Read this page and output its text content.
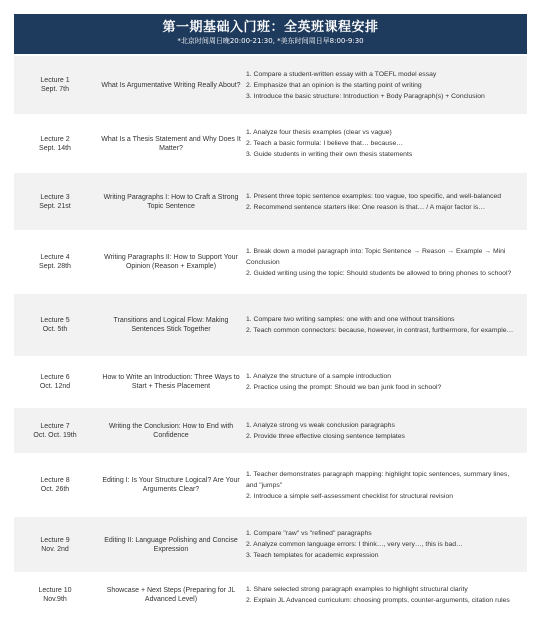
第一期基础入门班：全英班课程安排
*北京时间周日晚20:00-21:30, *美东时间周日早8:00-9:30
Lecture 1
Sept. 7th
What Is Argumentative Writing Really About?
1. Compare a student-written essay with a TOEFL model essay
2. Emphasize that an opinion is the starting point of writing
3. Introduce the basic structure: Introduction + Body Paragraph(s) + Conclusion
Lecture 2
Sept. 14th
What Is a Thesis Statement and Why Does It Matter?
1. Analyze four thesis examples (clear vs vague)
2. Teach a basic formula: I believe that… because…
3. Guide students in writing their own thesis statements
Lecture 3
Sept. 21st
Writing Paragraphs I: How to Craft a Strong Topic Sentence
1. Present three topic sentence examples: too vague, too specific, and well-balanced
2. Recommend sentence starters like: One reason is that… / A major factor is…
Lecture 4
Sept. 28th
Writing Paragraphs II: How to Support Your Opinion (Reason + Example)
1. Break down a model paragraph into: Topic Sentence → Reason → Example → Mini Conclusion
2. Guided writing using the topic: Should students be allowed to bring phones to school?
Lecture 5
Oct. 5th
Transitions and Logical Flow: Making Sentences Stick Together
1. Compare two writing samples: one with and one without transitions
2. Teach common connectors: because, however, in contrast, furthermore, for example…
Lecture 6
Oct. 12nd
How to Write an Introduction: Three Ways to Start + Thesis Placement
1. Analyze the structure of a sample introduction
2. Practice using the prompt: Should we ban junk food in school?
Lecture 7
Oct. Oct. 19th
Writing the Conclusion: How to End with Confidence
1. Analyze strong vs weak conclusion paragraphs
2. Provide three effective closing sentence templates
Lecture 8
Oct. 26th
Editing I: Is Your Structure Logical? Are Your Arguments Clear?
1. Teacher demonstrates paragraph mapping: highlight topic sentences, summary lines, and "jumps"
2. Introduce a simple self-assessment checklist for structural revision
Lecture 9
Nov. 2nd
Editing II: Language Polishing and Concise Expression
1. Compare "raw" vs "refined" paragraphs
2. Analyze common language errors: I think…, very very…, this is bad…
3. Teach templates for academic expression
Lecture 10
Nov.9th
Showcase + Next Steps (Preparing for JL Advanced Level)
1. Share selected strong paragraph examples to highlight structural clarity
2. Explain JL Advanced curriculum: choosing prompts, counter-arguments, citation rules
